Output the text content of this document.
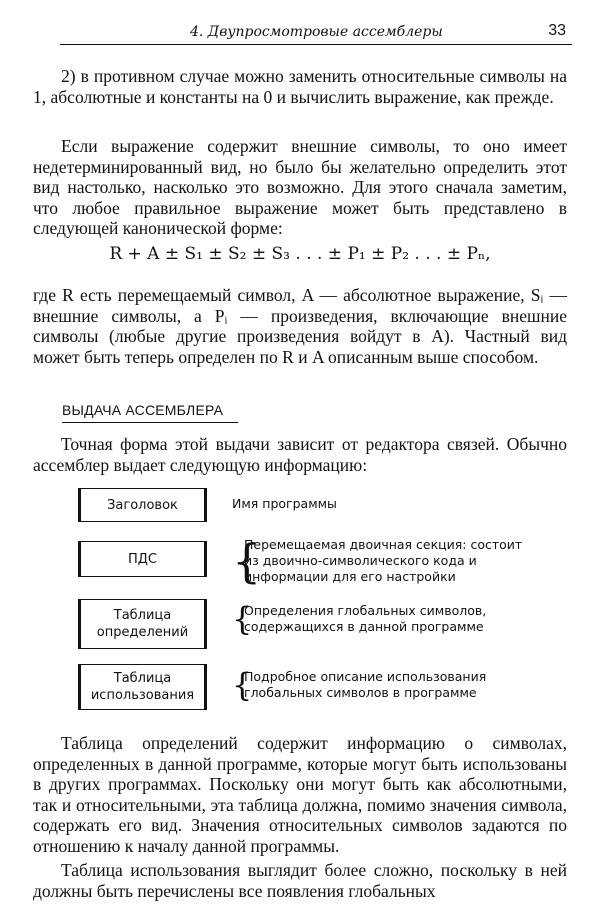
4. Двупросмотровые ассемблеры	33

2) в противном случае можно заменить относительные символы на 1, абсолютные и константы на 0 и вычислить выражение, как прежде.

Если выражение содержит внешние символы, то оно имеет недетерминированный вид, но было бы желательно определить этот вид настолько, насколько это возможно. Для этого сначала заметим, что любое правильное выражение может быть представлено в следующей канонической форме:

R + A ± S₁ ± S₂ ± S₃ . . . ± P₁ ± P₂ . . . ± Pₙ,

где R есть перемещаемый символ, A — абсолютное выражение, Sᵢ — внешние символы, а Pᵢ — произведения, включающие внешние символы (любые другие произведения войдут в A). Частный вид может быть теперь определен по R и A описанным выше способом.

ВЫДАЧА АССЕМБЛЕРА

Точная форма этой выдачи зависит от редактора связей. Обычно ассемблер выдает следующую информацию:

Заголовок	Имя программы
ПДС	{
Перемещаемая двоичная секция: состоит из двоично-символического кода и информации для его настройки
Таблица определений	{
Определения глобальных символов, содержащихся в данной программе
Таблица использования	{
Подробное описание использования глобальных символов в программе

Таблица определений содержит информацию о символах, определенных в данной программе, которые могут быть использованы в других программах. Поскольку они могут быть как абсолютными, так и относительными, эта таблица должна, помимо значения символа, содержать его вид. Значения относительных символов задаются по отношению к началу данной программы.

Таблица использования выглядит более сложно, поскольку в ней должны быть перечислены все появления глобальных
